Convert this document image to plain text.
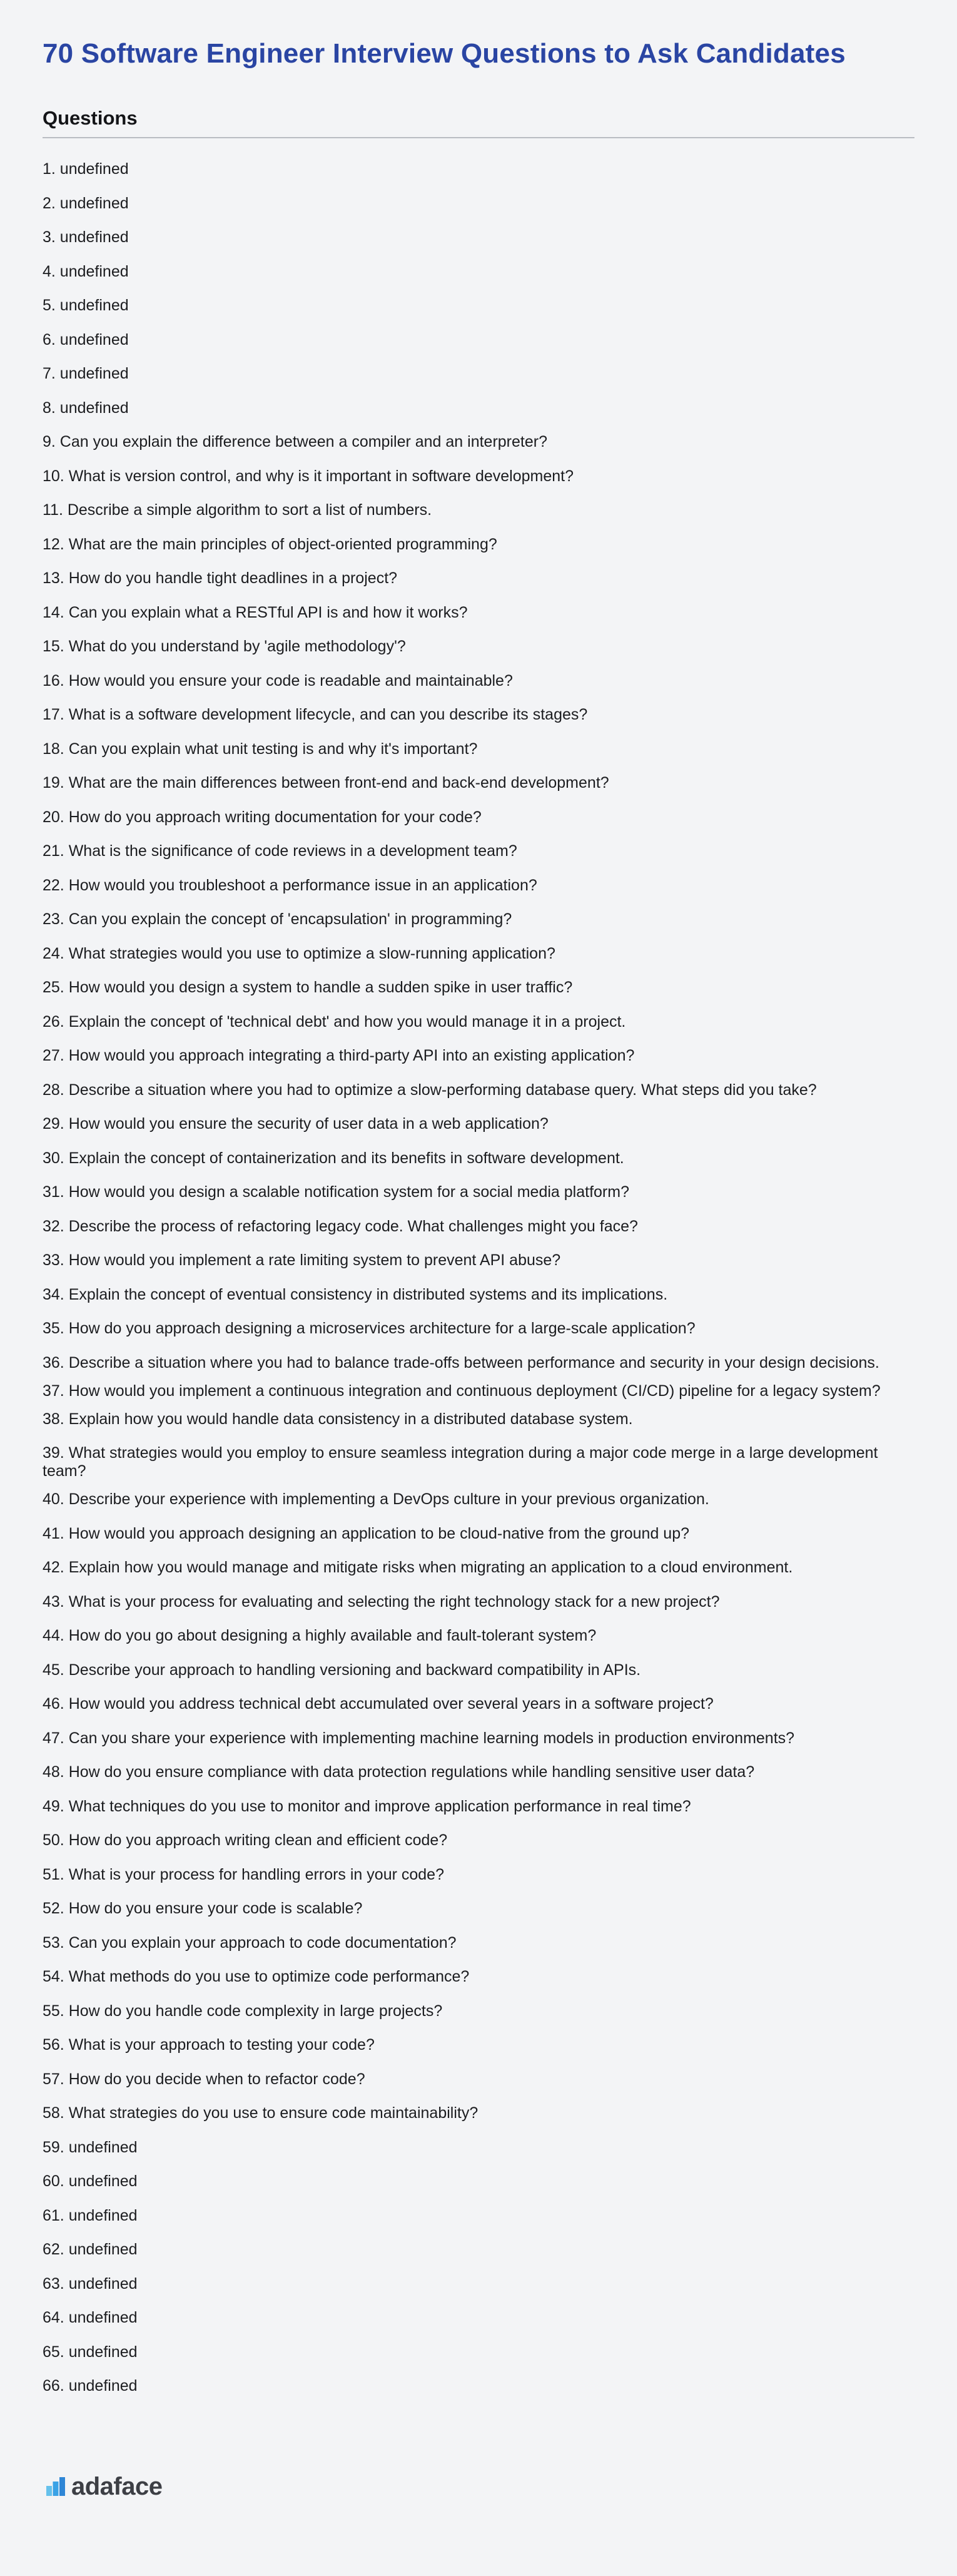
70 Software Engineer Interview Questions to Ask Candidates
Questions
1. undefined
2. undefined
3. undefined
4. undefined
5. undefined
6. undefined
7. undefined
8. undefined
9. Can you explain the difference between a compiler and an interpreter?
10. What is version control, and why is it important in software development?
11. Describe a simple algorithm to sort a list of numbers.
12. What are the main principles of object-oriented programming?
13. How do you handle tight deadlines in a project?
14. Can you explain what a RESTful API is and how it works?
15. What do you understand by 'agile methodology'?
16. How would you ensure your code is readable and maintainable?
17. What is a software development lifecycle, and can you describe its stages?
18. Can you explain what unit testing is and why it's important?
19. What are the main differences between front-end and back-end development?
20. How do you approach writing documentation for your code?
21. What is the significance of code reviews in a development team?
22. How would you troubleshoot a performance issue in an application?
23. Can you explain the concept of 'encapsulation' in programming?
24. What strategies would you use to optimize a slow-running application?
25. How would you design a system to handle a sudden spike in user traffic?
26. Explain the concept of 'technical debt' and how you would manage it in a project.
27. How would you approach integrating a third-party API into an existing application?
28. Describe a situation where you had to optimize a slow-performing database query. What steps did you take?
29. How would you ensure the security of user data in a web application?
30. Explain the concept of containerization and its benefits in software development.
31. How would you design a scalable notification system for a social media platform?
32. Describe the process of refactoring legacy code. What challenges might you face?
33. How would you implement a rate limiting system to prevent API abuse?
34. Explain the concept of eventual consistency in distributed systems and its implications.
35. How do you approach designing a microservices architecture for a large-scale application?
36. Describe a situation where you had to balance trade-offs between performance and security in your design decisions.
37. How would you implement a continuous integration and continuous deployment (CI/CD) pipeline for a legacy system?
38. Explain how you would handle data consistency in a distributed database system.
39. What strategies would you employ to ensure seamless integration during a major code merge in a large development team?
40. Describe your experience with implementing a DevOps culture in your previous organization.
41. How would you approach designing an application to be cloud-native from the ground up?
42. Explain how you would manage and mitigate risks when migrating an application to a cloud environment.
43. What is your process for evaluating and selecting the right technology stack for a new project?
44. How do you go about designing a highly available and fault-tolerant system?
45. Describe your approach to handling versioning and backward compatibility in APIs.
46. How would you address technical debt accumulated over several years in a software project?
47. Can you share your experience with implementing machine learning models in production environments?
48. How do you ensure compliance with data protection regulations while handling sensitive user data?
49. What techniques do you use to monitor and improve application performance in real time?
50. How do you approach writing clean and efficient code?
51. What is your process for handling errors in your code?
52. How do you ensure your code is scalable?
53. Can you explain your approach to code documentation?
54. What methods do you use to optimize code performance?
55. How do you handle code complexity in large projects?
56. What is your approach to testing your code?
57. How do you decide when to refactor code?
58. What strategies do you use to ensure code maintainability?
59. undefined
60. undefined
61. undefined
62. undefined
63. undefined
64. undefined
65. undefined
66. undefined
adaface
